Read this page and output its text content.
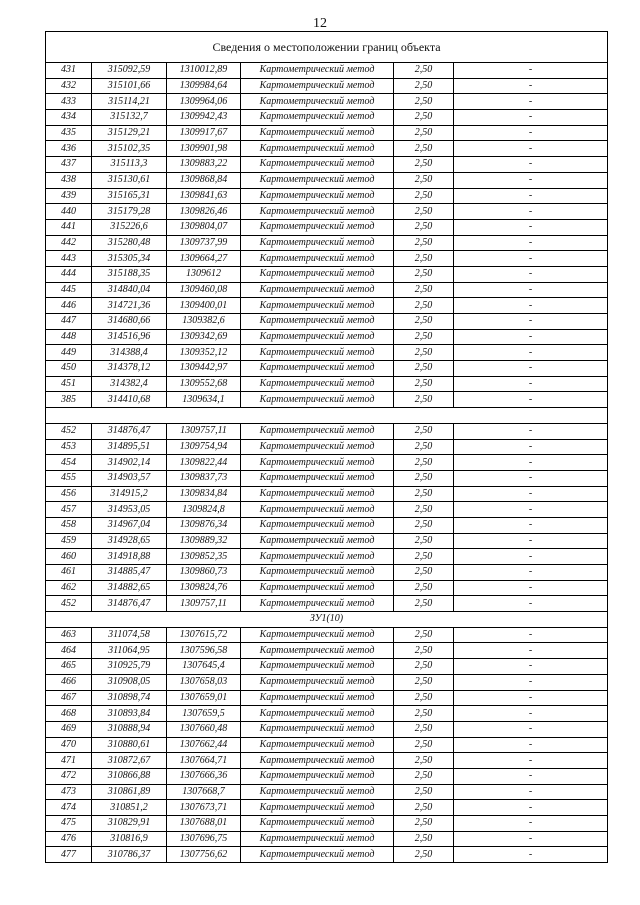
12
Сведения о местоположении границ объекта					
431	315092,59	1310012,89	Картометрический метод	2,50	-
432	315101,66	1309984,64	Картометрический метод	2,50	-
433	315114,21	1309964,06	Картометрический метод	2,50	-
434	315132,7	1309942,43	Картометрический метод	2,50	-
435	315129,21	1309917,67	Картометрический метод	2,50	-
436	315102,35	1309901,98	Картометрический метод	2,50	-
437	315113,3	1309883,22	Картометрический метод	2,50	-
438	315130,61	1309868,84	Картометрический метод	2,50	-
439	315165,31	1309841,63	Картометрический метод	2,50	-
440	315179,28	1309826,46	Картометрический метод	2,50	-
441	315226,6	1309804,07	Картометрический метод	2,50	-
442	315280,48	1309737,99	Картометрический метод	2,50	-
443	315305,34	1309664,27	Картометрический метод	2,50	-
444	315188,35	1309612	Картометрический метод	2,50	-
445	314840,04	1309460,08	Картометрический метод	2,50	-
446	314721,36	1309400,01	Картометрический метод	2,50	-
447	314680,66	1309382,6	Картометрический метод	2,50	-
448	314516,96	1309342,69	Картометрический метод	2,50	-
449	314388,4	1309352,12	Картометрический метод	2,50	-
450	314378,12	1309442,97	Картометрический метод	2,50	-
451	314382,4	1309552,68	Картометрический метод	2,50	-
385	314410,68	1309634,1	Картометрический метод	2,50	-

452	314876,47	1309757,11	Картометрический метод	2,50	-
453	314895,51	1309754,94	Картометрический метод	2,50	-
454	314902,14	1309822,44	Картометрический метод	2,50	-
455	314903,57	1309837,73	Картометрический метод	2,50	-
456	314915,2	1309834,84	Картометрический метод	2,50	-
457	314953,05	1309824,8	Картометрический метод	2,50	-
458	314967,04	1309876,34	Картометрический метод	2,50	-
459	314928,65	1309889,32	Картометрический метод	2,50	-
460	314918,88	1309852,35	Картометрический метод	2,50	-
461	314885,47	1309860,73	Картометрический метод	2,50	-
462	314882,65	1309824,76	Картометрический метод	2,50	-
452	314876,47	1309757,11	Картометрический метод	2,50	-
ЗУ1(10)					
463	311074,58	1307615,72	Картометрический метод	2,50	-
464	311064,95	1307596,58	Картометрический метод	2,50	-
465	310925,79	1307645,4	Картометрический метод	2,50	-
466	310908,05	1307658,03	Картометрический метод	2,50	-
467	310898,74	1307659,01	Картометрический метод	2,50	-
468	310893,84	1307659,5	Картометрический метод	2,50	-
469	310888,94	1307660,48	Картометрический метод	2,50	-
470	310880,61	1307662,44	Картометрический метод	2,50	-
471	310872,67	1307664,71	Картометрический метод	2,50	-
472	310866,88	1307666,36	Картометрический метод	2,50	-
473	310861,89	1307668,7	Картометрический метод	2,50	-
474	310851,2	1307673,71	Картометрический метод	2,50	-
475	310829,91	1307688,01	Картометрический метод	2,50	-
476	310816,9	1307696,75	Картометрический метод	2,50	-
477	310786,37	1307756,62	Картометрический метод	2,50	-
